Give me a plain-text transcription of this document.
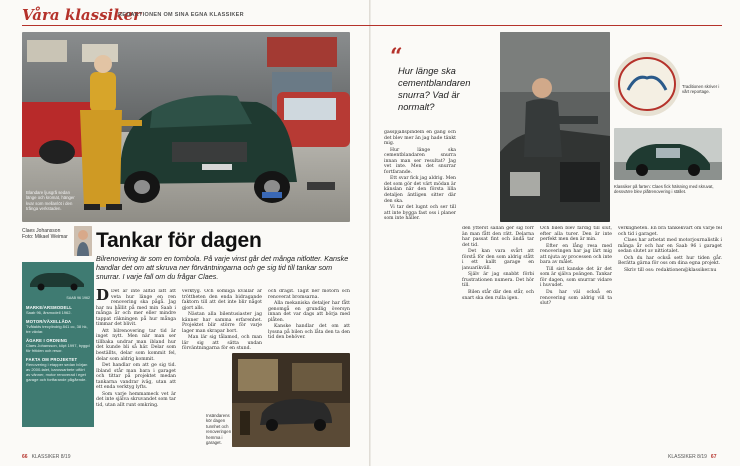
Våra klassiker
REDAKTIONEN OM SINA EGNA KLASSIKER
Blandare ljusgrå sedan länge och kromat, hänger kvar som mellanlöt i den trånga verkstaden.
Claes Johansson
Foto: Mikael Weimar Tankar för dagen
Bilrenovering är som en tombola. På varje vinst går det många nitlotter. Kanske handlar det om att skruva ner förväntningarna och ge sig tid till tankar som snurrar. I varje fall om du frågar Claes.
SAAB 96 1962
MARKE/ARSMODELL
Saab 96, årsmodell 1962.
MOTOR/VÄXELLÅDA
Tvåtakts trecylindrig 841 cc, 38 hk, tre växlar.
ÄGARE I ORDNING
Claes Johansson, köpt 1997, byggd för fritiden och resor.
FAKTA OM PROJEKTET
Renovering i etapper sedan början av 2000-talet, karossarbete utfört av vänner, motor renoverad i eget garage och fortfarande pågående.

D Det är inte alltid lätt att veta hur länge en ren renovering ska pågå. Jag har nu hållit på med min Saab i många år och mer eller mindre tappat räkningen på hur många timmar det blivit.

Att bilrenovering tar tid är inget nytt. Men när man ser tillbaka undrar man ibland hur det kunde bli så här. Delar som beställts, delar som kommit fel, delar som aldrig kommit.

Det handlar om att ge sig tid. Ibland står man bara i garaget och tittar på projektet medan tankarna vandrar iväg, utan att ett enda verktyg lyfts.

Som varje hemmameck vet är det inte själva skruvandet som tar tid, utan allt runt omkring.

verktyg. Och somliga kvällar är tröttheten den enda bidragande faktorn till att det inte blir något gjort alls.

Nästan alla bilentusiaster jag känner har samma erfarenhet. Projektet blir större för varje lager man skrapar bort.

Man lär sig tålamod, och man lär sig att sätta undan förväntningarna för en stund.

och dragit. Tagit ner motorn och renoverat bromsarna.

Alla mekaniska detaljer har fått genomgå en grundlig översyn innan det var dags att börja med plåten.

Kanske handlar det om att lyssna på bilen och låta den ta den tid den behöver.

Insändarens kör dagen tunnhet och renoveringen hemma i garaget.
“
Hur länge ska cementblandaren snurra? Vad är normalt?
Traditionen skriver i vårt reportage.
Klassiker på farten: Claes fick hälsning med skruvat, dessvärre blev plåtrenovering i stället.

gasspjällspindeln en gång och det blev mer än jag hade tänkt mig.

Hur länge ska cementblandaren snurra innan man ser resultat? Jag vet inte. Men det snurrar fortfarande.

Ett svar fick jag aldrig. Men det som gör det värt mödan är känslan när den första lilla detaljen äntligen sitter där den ska.

Vi tar det lugnt och ser till att inte bygga fast oss i planer som inte håller.

den ytterst sällan ger sig förr än man fått den rätt. Delarna har passat fint och ändå tar det tid.

Det kan vara svårt att förstå för den som aldrig stått i ett kallt garage en januarikväll.

Själv är jag snabbt förbi frustrationen numera. Det hör till.

Bilen står där den står, och snart ska den rulla igen.

Och bilen blev färdig till slut, efter alla turer. Den är inte perfekt men den är min.

Efter en lång resa med renoveringen har jag lärt mig att njuta av processen och inte bara av målet.

Till sist kanske det är det som är själva poängen. Tankar för dagen, som snurrar vidare i huvudet.

Du har väl också en renovering som aldrig vill ta slut?

verkligheten. En bra tankekvart om varje fel och tid i garaget.

Claes har arbetat med motorjournalistik i många år och har en Saab 96 i garaget sedan slutet av nittiotalet.

Och du har också sett hur tiden går. Berätta gärna för oss om dina egna projekt.

Skriv till oss: redaktionen@klassiker.nu

66 KLASSIKER 8/19	KLASSIKER 8/19 67
